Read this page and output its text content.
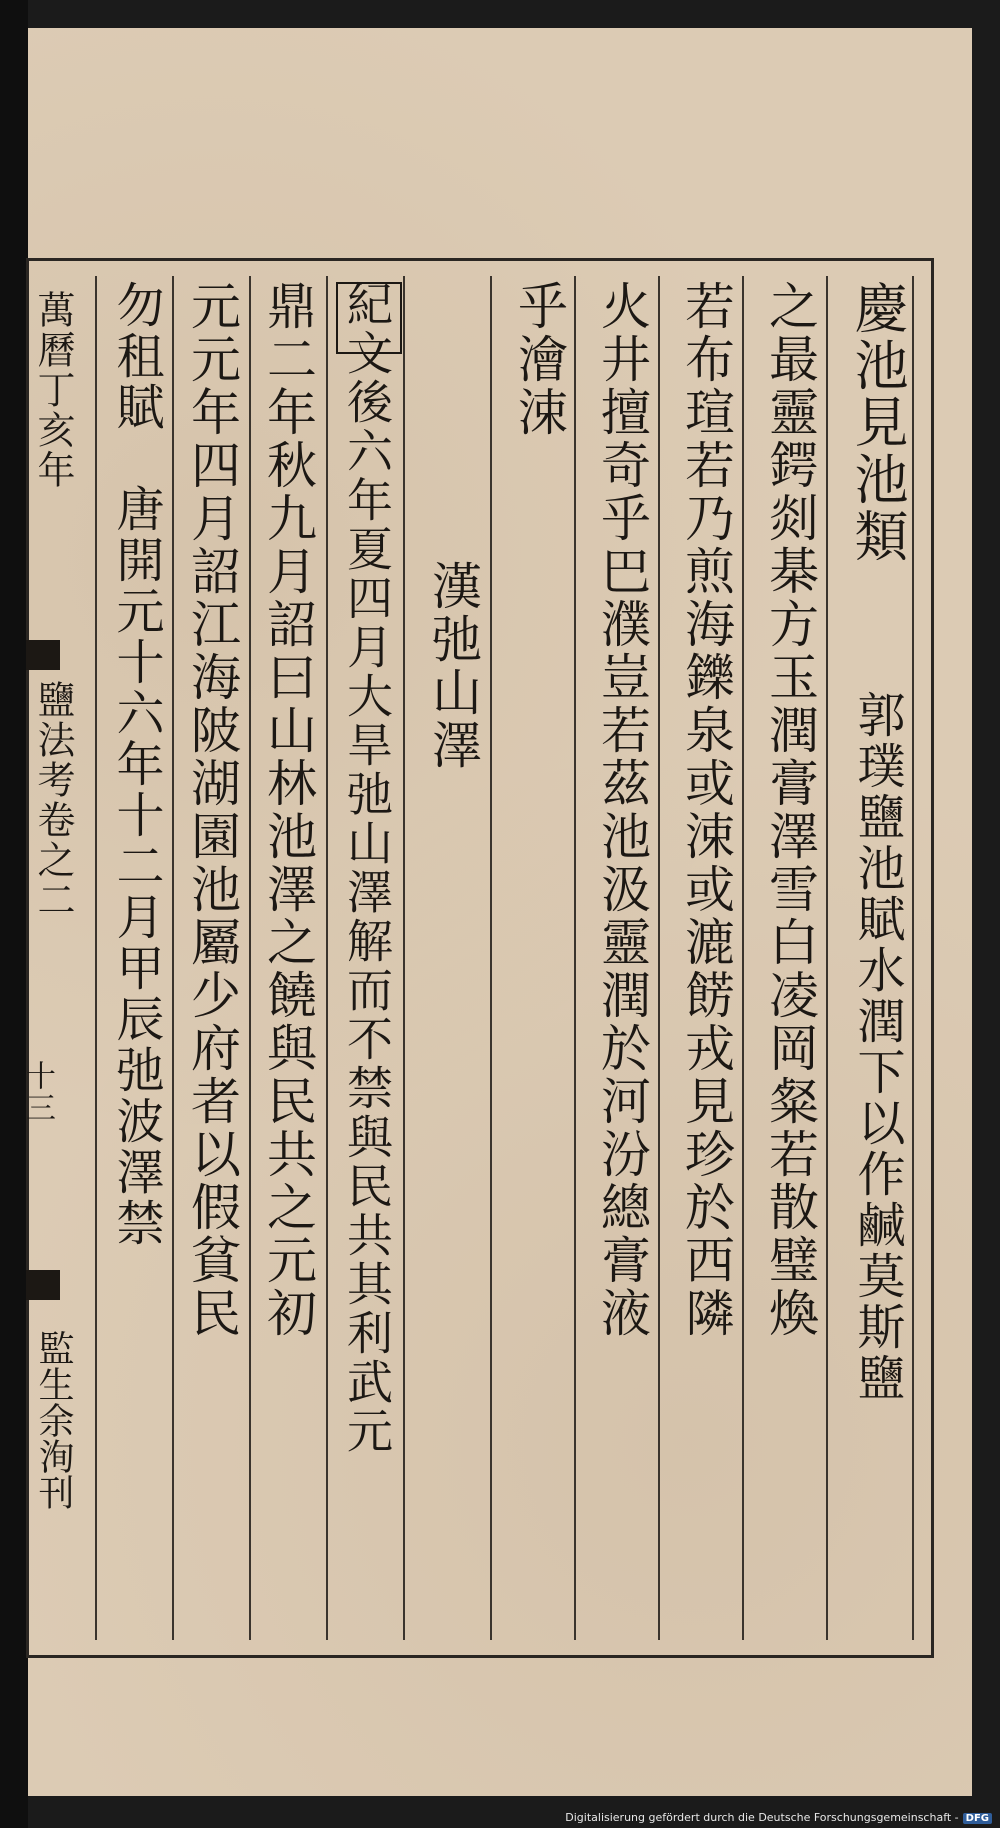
慶池見池類
郭璞鹽池賦水潤下以作鹹莫斯鹽
之最靈鍔剡棊方玉潤膏澤雪白凌岡粲若散璧煥
若布瑄若乃煎海鑠泉或涑或漉餝戎見珍於西隣
火井擅奇乎巴濮豈若茲池汲靈潤於河汾總膏液
乎澮涑
漢弛山澤
紀文後六年夏四月大旱弛山澤解而不禁與民共其利武元
鼎二年秋九月詔曰山林池澤之饒與民共之元初
元元年四月詔江海陂湖園池屬少府者以假貧民
勿租賦　唐開元十六年十二月甲辰弛波澤禁
萬曆丁亥年
鹽法考卷之二
十三
監生余洵刊
Digitalisierung gefördert durch die Deutsche Forschungsgemeinschaft - DFG
